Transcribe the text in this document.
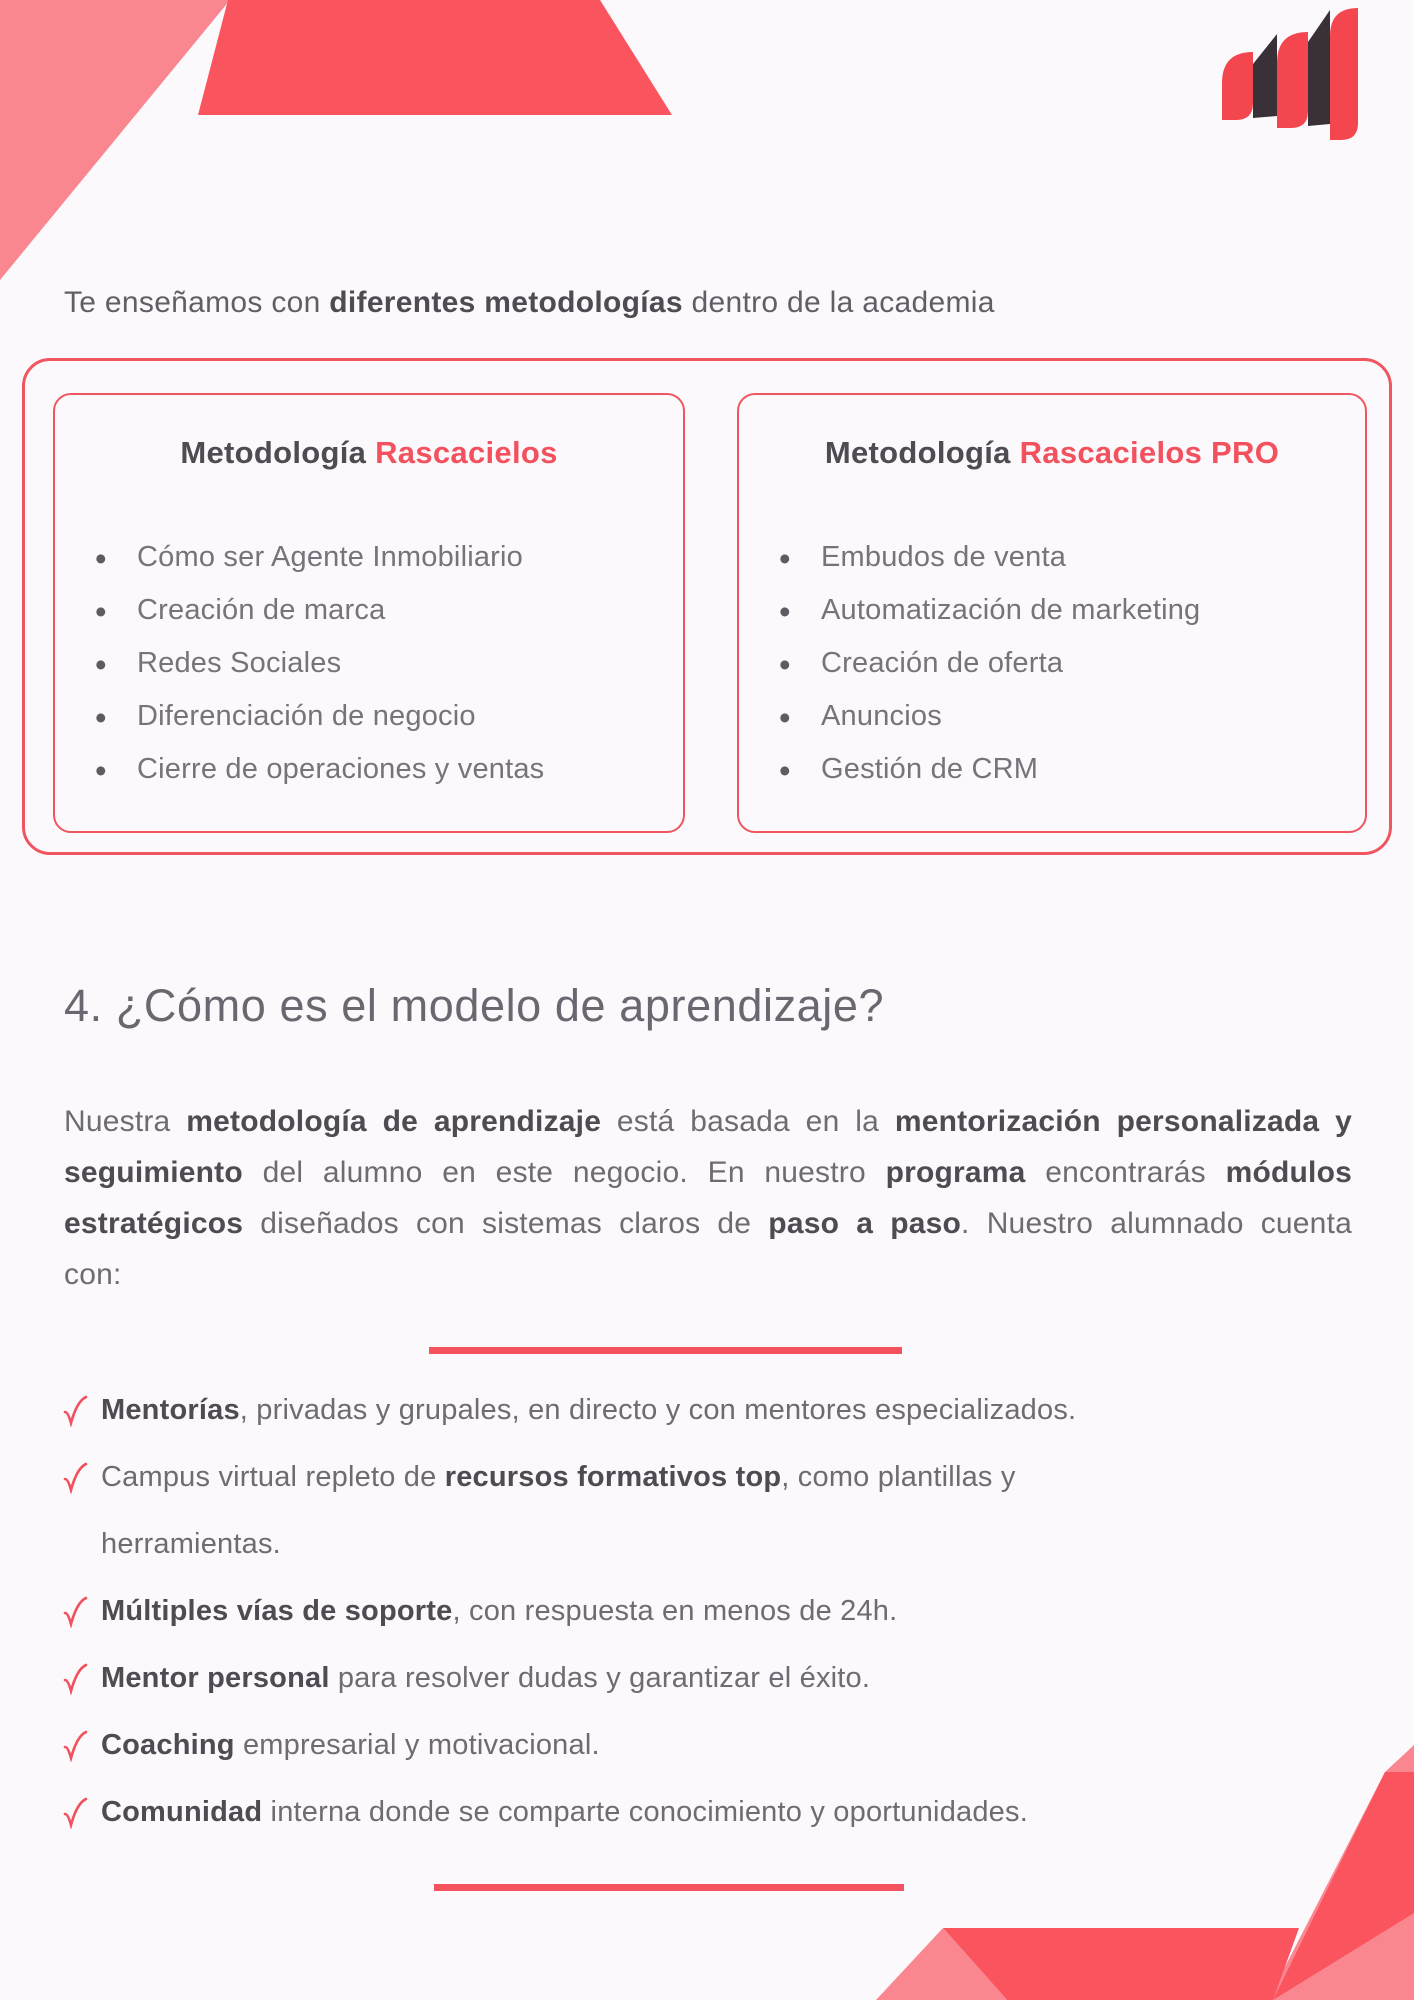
Te enseñamos con diferentes metodologías dentro de la academia

Metodología Rascacielos
• Cómo ser Agente Inmobiliario
• Creación de marca
• Redes Sociales
• Diferenciación de negocio
• Cierre de operaciones y ventas
Metodología Rascacielos PRO
• Embudos de venta
• Automatización de marketing
• Creación de oferta
• Anuncios
• Gestión de CRM
4. ¿Cómo es el modelo de aprendizaje?

Nuestra metodología de aprendizaje está basada en la mentorización personalizada y seguimiento del alumno en este negocio. En nuestro programa encontrarás módulos estratégicos diseñados con sistemas claros de paso a paso. Nuestro alumnado cuenta con:

Mentorías, privadas y grupales, en directo y con mentores especializados.
Campus virtual repleto de recursos formativos top, como plantillas y herramientas.
Múltiples vías de soporte, con respuesta en menos de 24h.
Mentor personal para resolver dudas y garantizar el éxito.
Coaching empresarial y motivacional.
Comunidad interna donde se comparte conocimiento y oportunidades.
